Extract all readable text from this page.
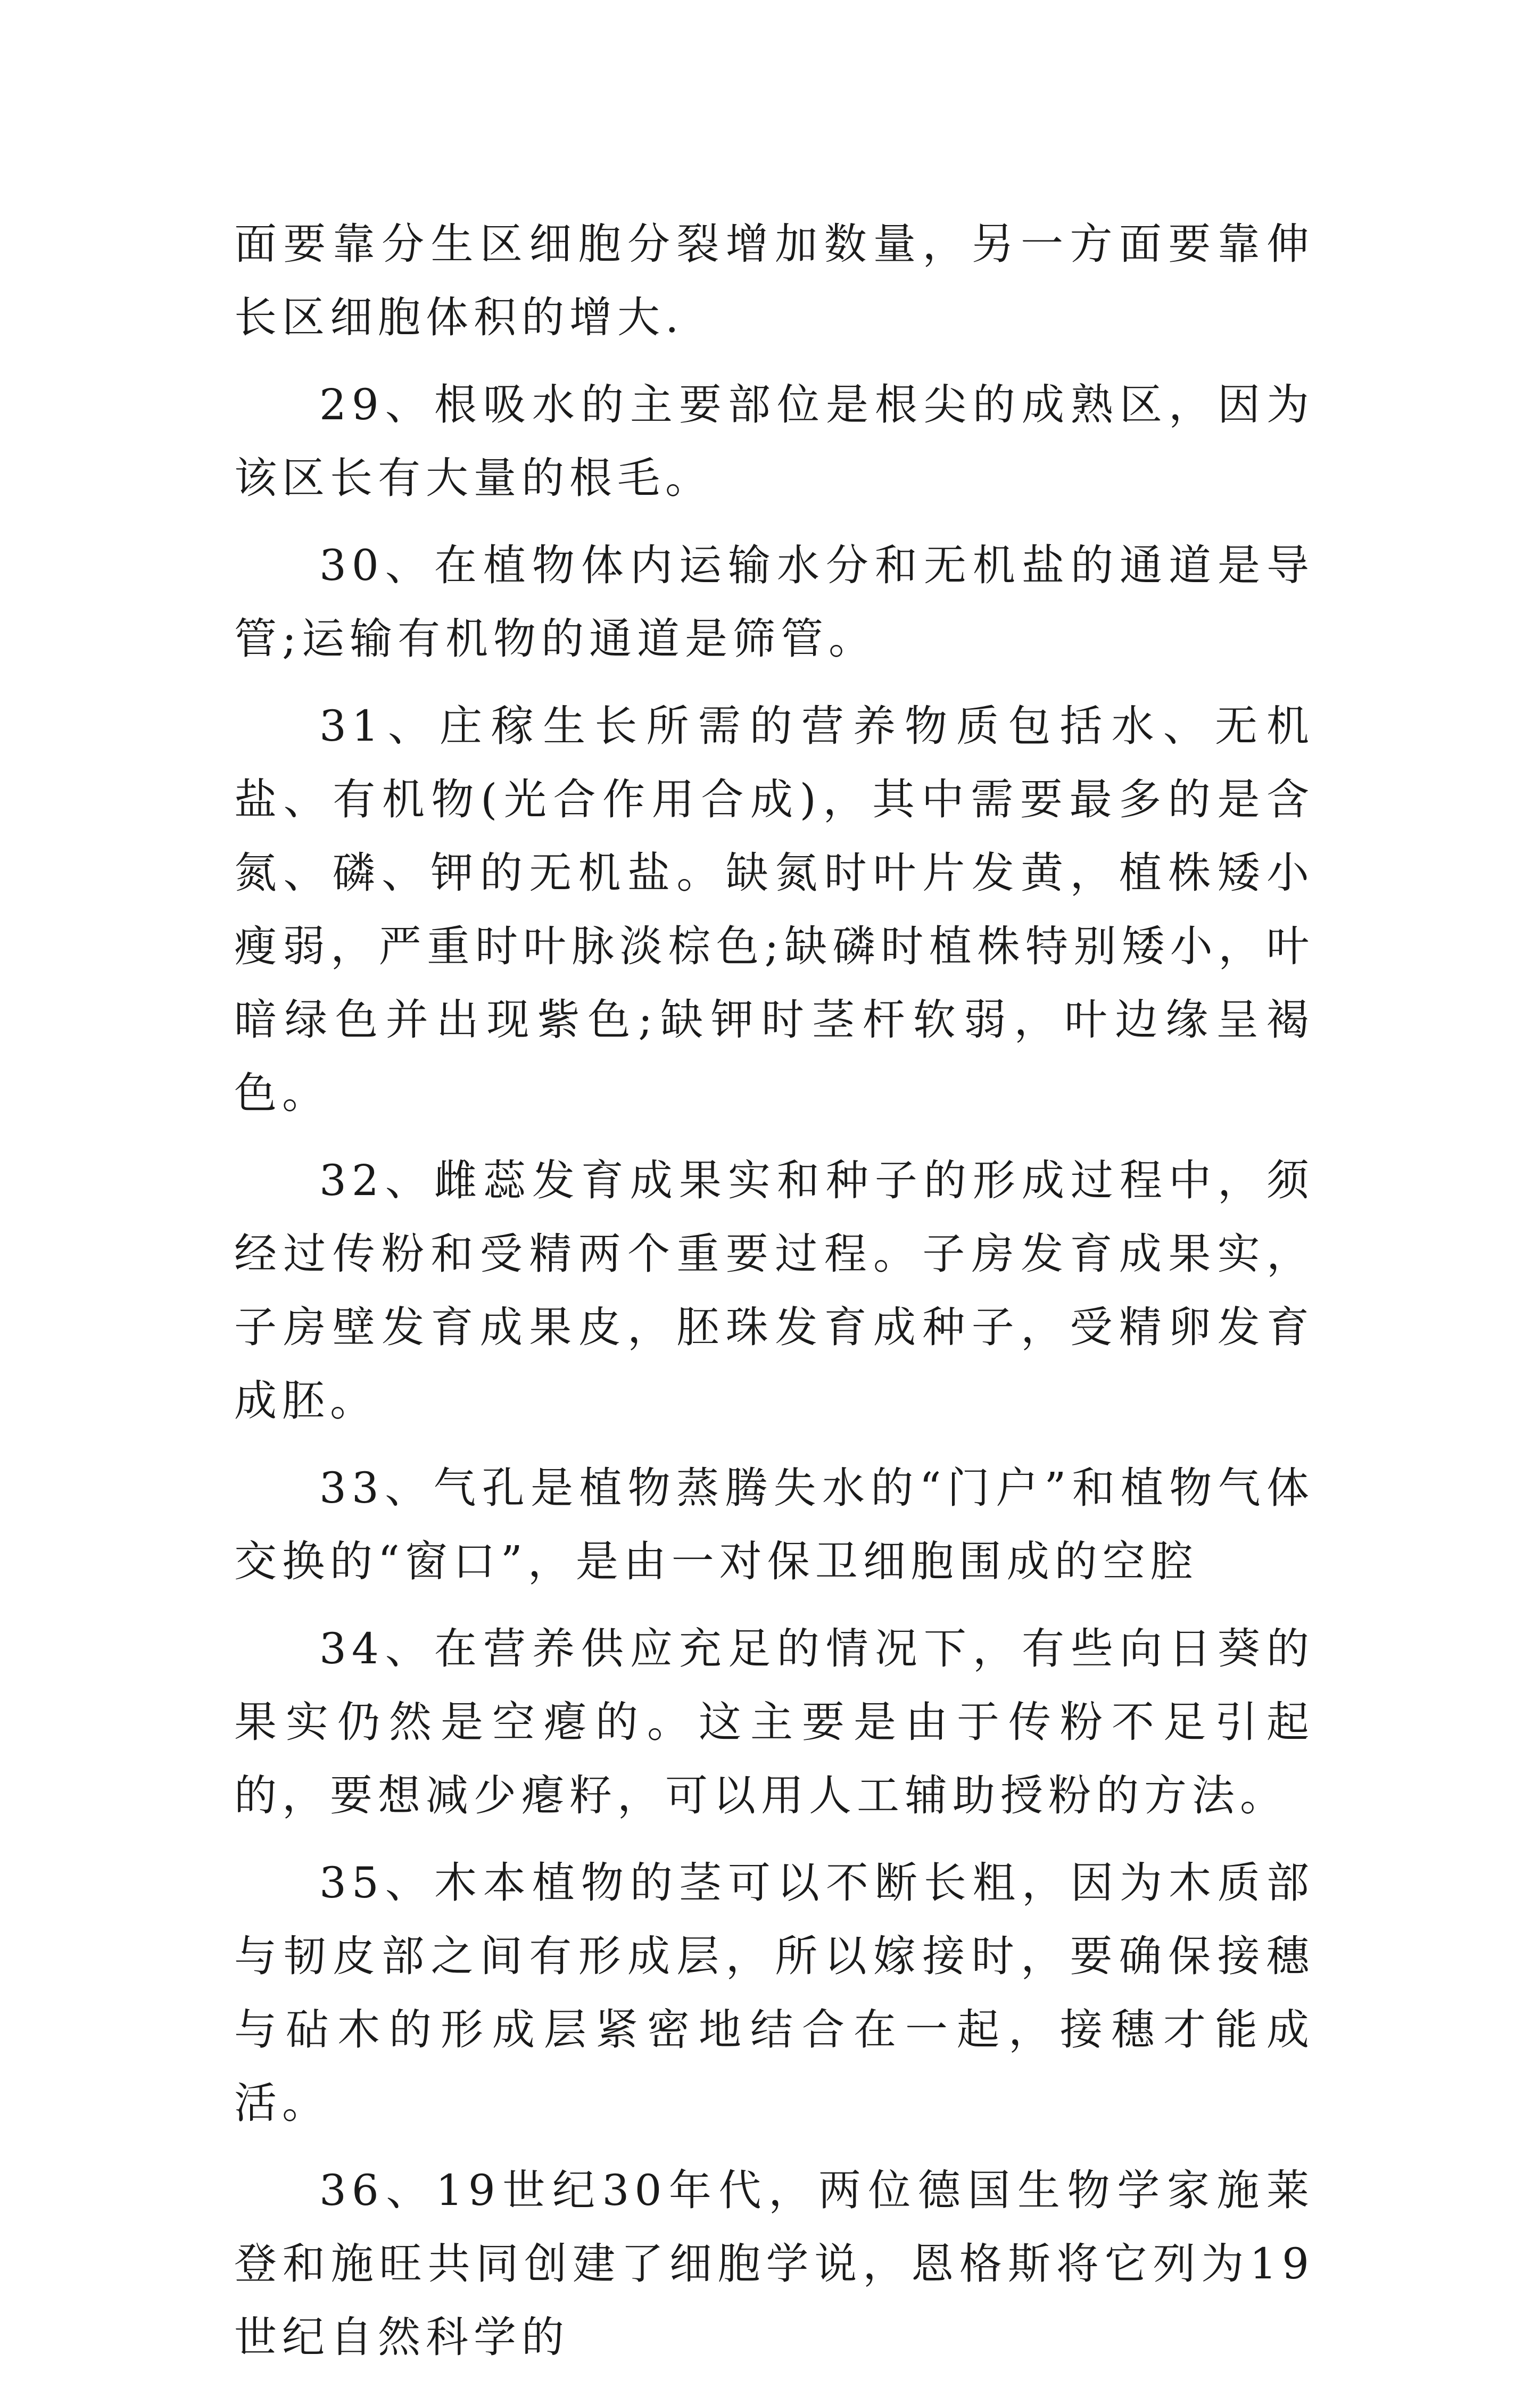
面要靠分生区细胞分裂增加数量，另一方面要靠伸长区细胞体积的增大.

29、根吸水的主要部位是根尖的成熟区，因为该区长有大量的根毛。

30、在植物体内运输水分和无机盐的通道是导管;运输有机物的通道是筛管。

31、庄稼生长所需的营养物质包括水、无机盐、有机物(光合作用合成)，其中需要最多的是含氮、磷、钾的无机盐。缺氮时叶片发黄，植株矮小瘦弱，严重时叶脉淡棕色;缺磷时植株特别矮小，叶暗绿色并出现紫色;缺钾时茎杆软弱，叶边缘呈褐色。

32、雌蕊发育成果实和种子的形成过程中，须经过传粉和受精两个重要过程。子房发育成果实，子房壁发育成果皮，胚珠发育成种子，受精卵发育成胚。

33、气孔是植物蒸腾失水的“门户”和植物气体交换的“窗口”，是由一对保卫细胞围成的空腔

34、在营养供应充足的情况下，有些向日葵的果实仍然是空瘪的。这主要是由于传粉不足引起的，要想减少瘪籽，可以用人工辅助授粉的方法。

35、木本植物的茎可以不断长粗，因为木质部与韧皮部之间有形成层，所以嫁接时，要确保接穗与砧木的形成层紧密地结合在一起，接穗才能成活。

36、19世纪30年代，两位德国生物学家施莱登和施旺共同创建了细胞学说，恩格斯将它列为19世纪自然科学的
